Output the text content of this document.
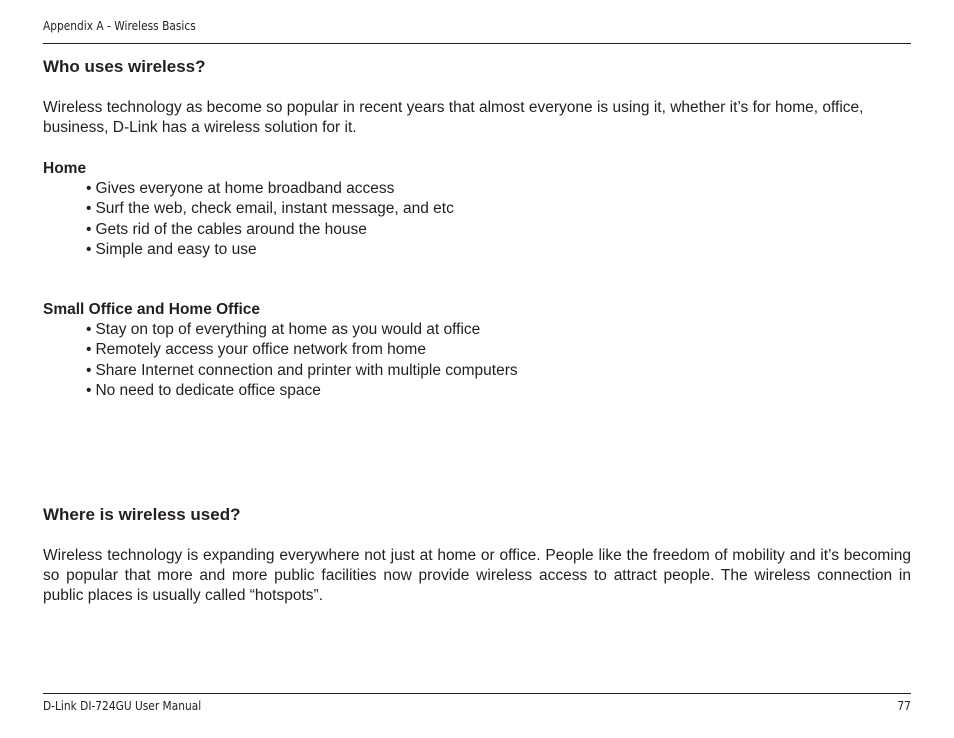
Appendix A - Wireless Basics
Who uses wireless?
Wireless technology as become so popular in recent years that almost everyone is using it, whether it’s for home, office, business, D-Link has a wireless solution for it.
Home
• Gives everyone at home broadband access
• Surf the web, check email, instant message, and etc
• Gets rid of the cables around the house
• Simple and easy to use
Small Office and Home Office
• Stay on top of everything at home as you would at office
• Remotely access your office network from home
• Share Internet connection and printer with multiple computers
• No need to dedicate office space
Where is wireless used?
Wireless technology is expanding everywhere not just at home or office. People like the freedom of mobility and it’s becoming so popular that more and more public facilities now provide wireless access to attract people. The wireless connection in public places is usually called “hotspots”.
D-Link DI-724GU User Manual	77
